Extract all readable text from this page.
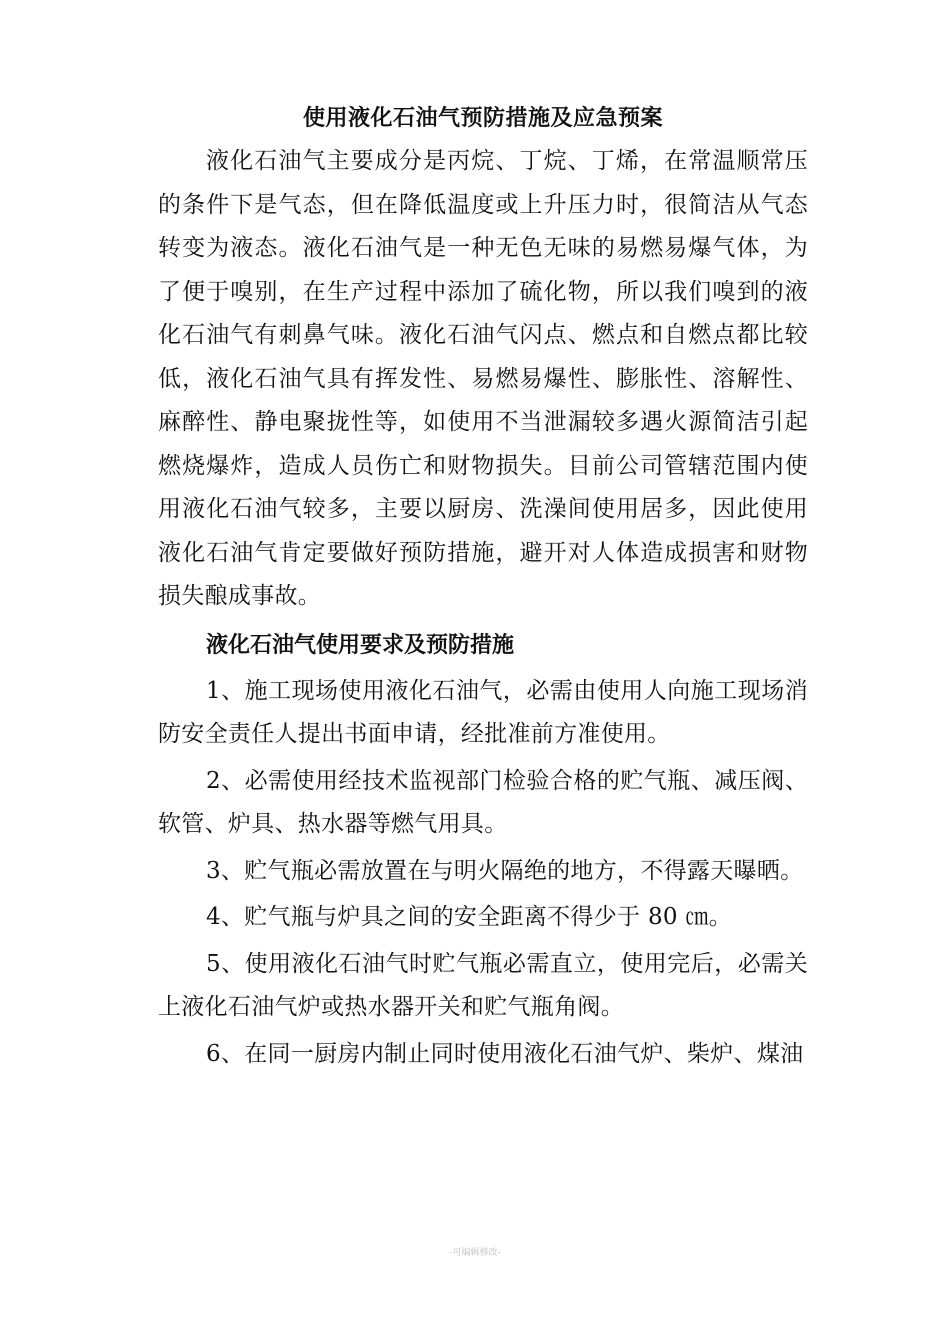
使用液化石油气预防措施及应急预案

液化石油气主要成分是丙烷、丁烷、丁烯，在常温顺常压的条件下是气态，但在降低温度或上升压力时，很简洁从气态转变为液态。液化石油气是一种无色无味的易燃易爆气体，为了便于嗅别，在生产过程中添加了硫化物，所以我们嗅到的液化石油气有刺鼻气味。液化石油气闪点、燃点和自燃点都比较低，液化石油气具有挥发性、易燃易爆性、膨胀性、溶解性、麻醉性、静电聚拢性等，如使用不当泄漏较多遇火源简洁引起燃烧爆炸，造成人员伤亡和财物损失。目前公司管辖范围内使用液化石油气较多，主要以厨房、洗澡间使用居多，因此使用液化石油气肯定要做好预防措施，避开对人体造成损害和财物损失酿成事故。

液化石油气使用要求及预防措施

1、施工现场使用液化石油气，必需由使用人向施工现场消防安全责任人提出书面申请，经批准前方准使用。

2、必需使用经技术监视部门检验合格的贮气瓶、减压阀、软管、炉具、热水器等燃气用具。

3、贮气瓶必需放置在与明火隔绝的地方，不得露天曝晒。

4、贮气瓶与炉具之间的安全距离不得少于 80 ㎝。

5、使用液化石油气时贮气瓶必需直立，使用完后，必需关上液化石油气炉或热水器开关和贮气瓶角阀。

6、在同一厨房内制止同时使用液化石油气炉、柴炉、煤油

-可编辑修改-
